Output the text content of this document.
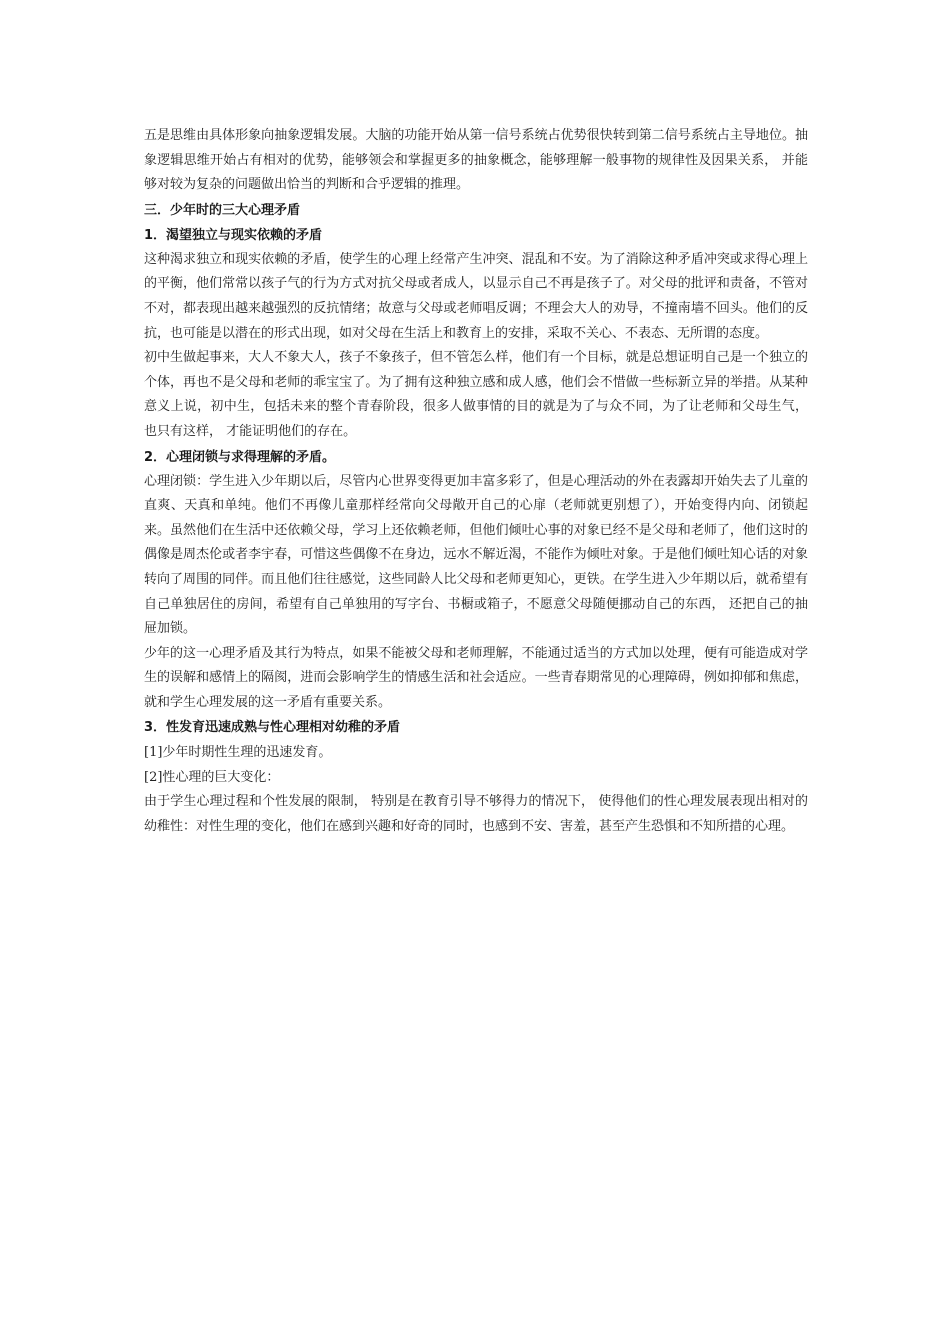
五是思维由具体形象向抽象逻辑发展。大脑的功能开始从第一信号系统占优势很快转到第二信号系统占主导地位。抽象逻辑思维开始占有相对的优势，能够领会和掌握更多的抽象概念，能够理解一般事物的规律性及因果关系， 并能够对较为复杂的问题做出恰当的判断和合乎逻辑的推理。

三．少年时的三大心理矛盾

1．渴望独立与现实依赖的矛盾

这种渴求独立和现实依赖的矛盾，使学生的心理上经常产生冲突、混乱和不安。为了消除这种矛盾冲突或求得心理上的平衡，他们常常以孩子气的行为方式对抗父母或者成人，以显示自己不再是孩子了。对父母的批评和责备，不管对不对，都表现出越来越强烈的反抗情绪；故意与父母或老师唱反调；不理会大人的劝导，不撞南墙不回头。他们的反抗，也可能是以潜在的形式出现，如对父母在生活上和教育上的安排，采取不关心、不表态、无所谓的态度。

初中生做起事来，大人不象大人，孩子不象孩子，但不管怎么样，他们有一个目标，就是总想证明自己是一个独立的个体，再也不是父母和老师的乖宝宝了。为了拥有这种独立感和成人感，他们会不惜做一些标新立异的举措。从某种意义上说，初中生，包括未来的整个青春阶段，很多人做事情的目的就是为了与众不同，为了让老师和父母生气， 也只有这样， 才能证明他们的存在。

2．心理闭锁与求得理解的矛盾。

心理闭锁：学生进入少年期以后，尽管内心世界变得更加丰富多彩了，但是心理活动的外在表露却开始失去了儿童的直爽、天真和单纯。他们不再像儿童那样经常向父母敞开自己的心扉（老师就更别想了），开始变得内向、闭锁起来。虽然他们在生活中还依赖父母，学习上还依赖老师，但他们倾吐心事的对象已经不是父母和老师了，他们这时的偶像是周杰伦或者李宇春，可惜这些偶像不在身边，远水不解近渴，不能作为倾吐对象。于是他们倾吐知心话的对象转向了周围的同伴。而且他们往往感觉，这些同龄人比父母和老师更知心，更铁。在学生进入少年期以后，就希望有自己单独居住的房间，希望有自己单独用的写字台、书橱或箱子，不愿意父母随便挪动自己的东西， 还把自己的抽屉加锁。

少年的这一心理矛盾及其行为特点，如果不能被父母和老师理解，不能通过适当的方式加以处理，便有可能造成对学生的误解和感情上的隔阂，进而会影响学生的情感生活和社会适应。一些青春期常见的心理障碍，例如抑郁和焦虑， 就和学生心理发展的这一矛盾有重要关系。

3．性发育迅速成熟与性心理相对幼稚的矛盾

[1]少年时期性生理的迅速发育。

[2]性心理的巨大变化：

由于学生心理过程和个性发展的限制， 特别是在教育引导不够得力的情况下， 使得他们的性心理发展表现出相对的幼稚性：对性生理的变化，他们在感到兴趣和好奇的同时，也感到不安、害羞，甚至产生恐惧和不知所措的心理。
